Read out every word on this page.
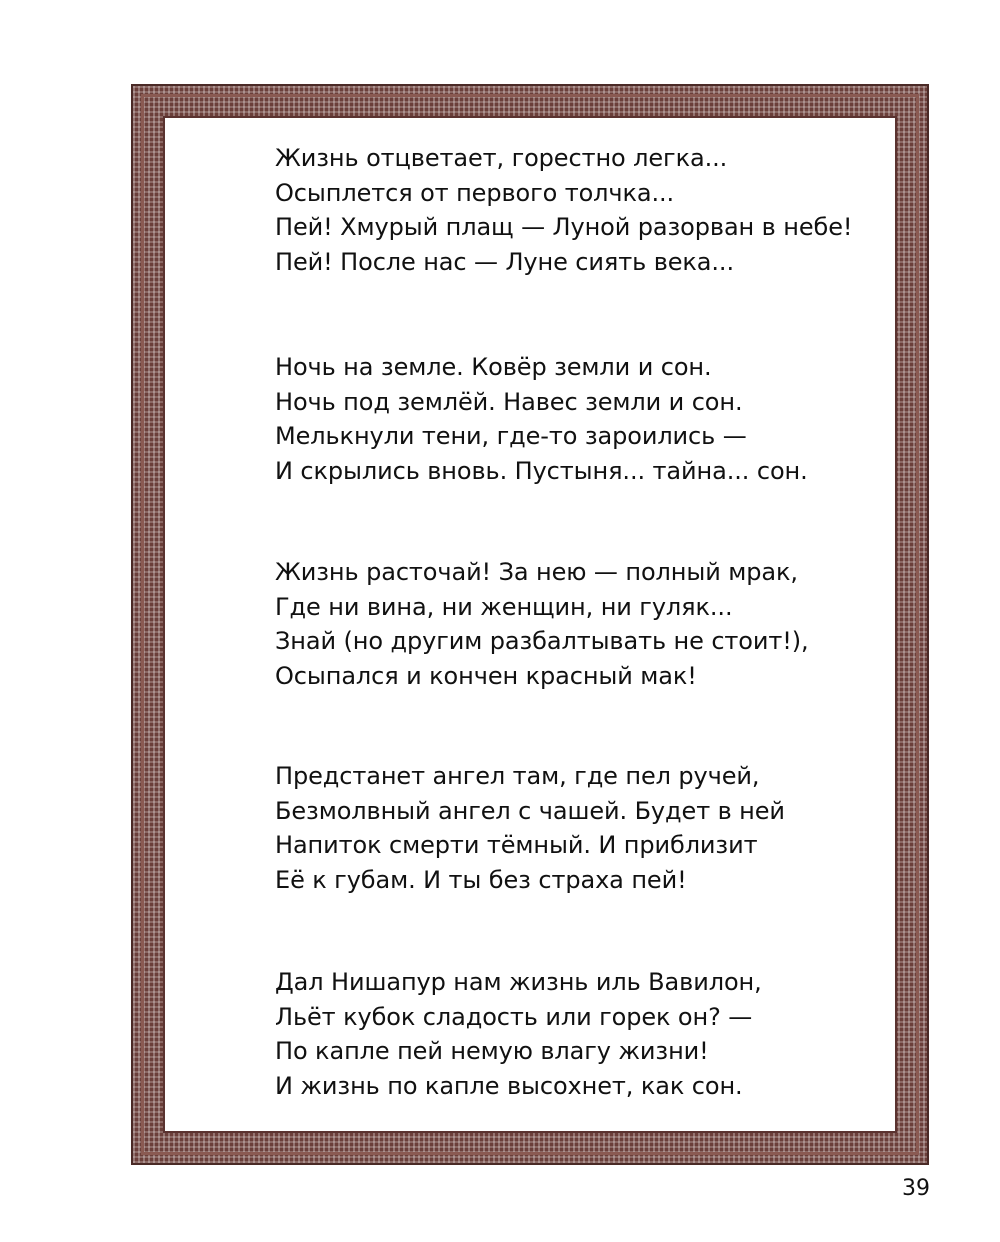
Жизнь отцветает, горестно легка...
Осыплется от первого толчка...
Пей! Хмурый плащ — Луной разорван в небе!
Пей! После нас — Луне сиять века...
Ночь на земле. Ковёр земли и сон.
Ночь под землёй. Навес земли и сон.
Мелькнули тени, где-то зароились —
И скрылись вновь. Пустыня... тайна... сон.
Жизнь расточай! За нею — полный мрак,
Где ни вина, ни женщин, ни гуляк...
Знай (но другим разбалтывать не стоит!),
Осыпался и кончен красный мак!
Предстанет ангел там, где пел ручей,
Безмолвный ангел с чашей. Будет в ней
Напиток смерти тёмный. И приблизит
Её к губам. И ты без страха пей!
Дал Нишапур нам жизнь иль Вавилон,
Льёт кубок сладость или горек он? —
По капле пей немую влагу жизни!
И жизнь по капле высохнет, как сон.
39
